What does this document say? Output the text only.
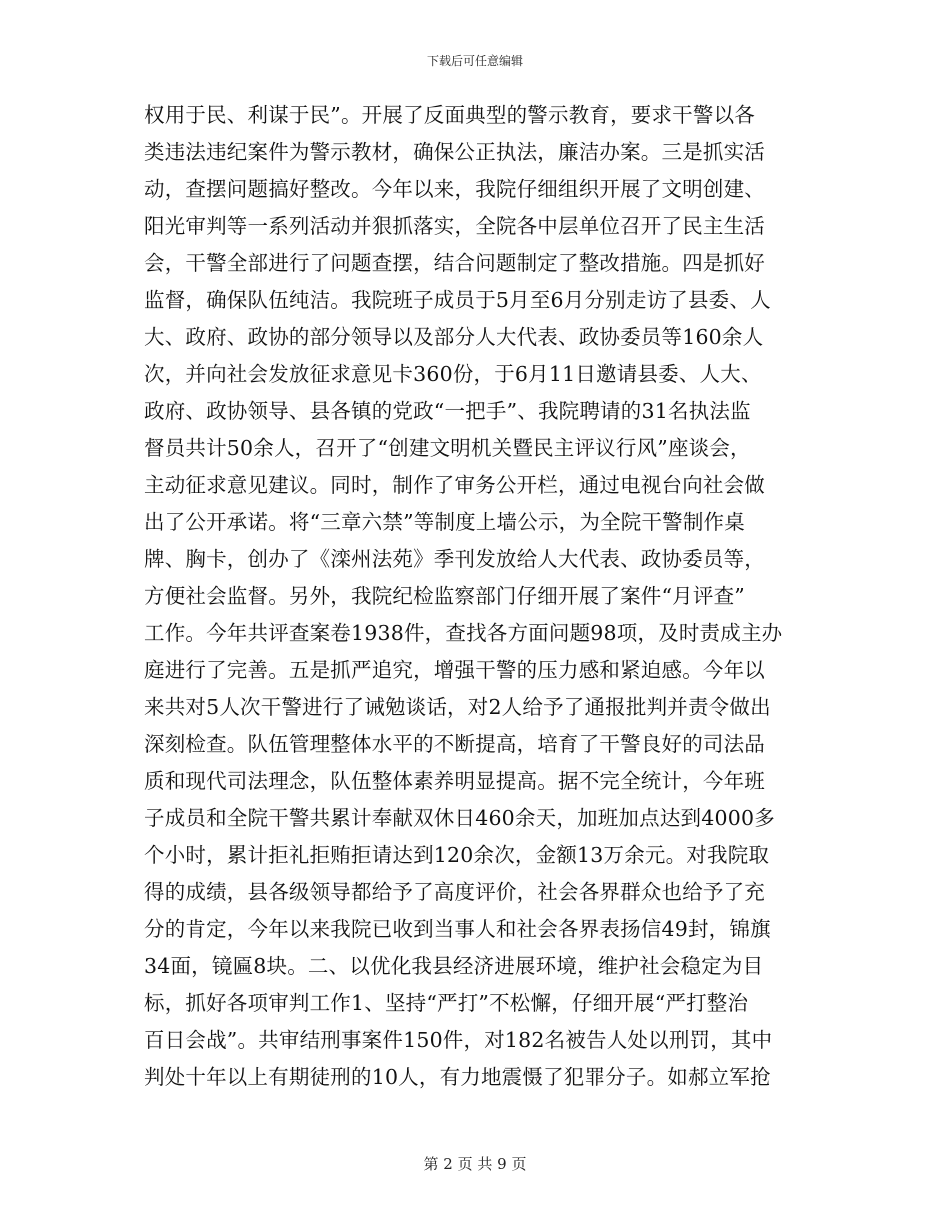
下载后可任意编辑
权用于民、利谋于民”。开展了反面典型的警示教育，要求干警以各
类违法违纪案件为警示教材，确保公正执法，廉洁办案。三是抓实活
动，查摆问题搞好整改。今年以来，我院仔细组织开展了文明创建、
阳光审判等一系列活动并狠抓落实，全院各中层单位召开了民主生活
会，干警全部进行了问题查摆，结合问题制定了整改措施。四是抓好
监督，确保队伍纯洁。我院班子成员于5月至6月分别走访了县委、人
大、政府、政协的部分领导以及部分人大代表、政协委员等160余人
次，并向社会发放征求意见卡360份，于6月11日邀请县委、人大、
政府、政协领导、县各镇的党政“一把手”、我院聘请的31名执法监
督员共计50余人，召开了“创建文明机关暨民主评议行风”座谈会，
主动征求意见建议。同时，制作了审务公开栏，通过电视台向社会做
出了公开承诺。将“三章六禁”等制度上墙公示，为全院干警制作桌
牌、胸卡，创办了《滦州法苑》季刊发放给人大代表、政协委员等，
方便社会监督。另外，我院纪检监察部门仔细开展了案件“月评查”
工作。今年共评查案卷1938件，查找各方面问题98项，及时责成主办
庭进行了完善。五是抓严追究，增强干警的压力感和紧迫感。今年以
来共对5人次干警进行了诫勉谈话，对2人给予了通报批判并责令做出
深刻检查。队伍管理整体水平的不断提高，培育了干警良好的司法品
质和现代司法理念，队伍整体素养明显提高。据不完全统计，今年班
子成员和全院干警共累计奉献双休日460余天，加班加点达到4000多
个小时，累计拒礼拒贿拒请达到120余次，金额13万余元。对我院取
得的成绩，县各级领导都给予了高度评价，社会各界群众也给予了充
分的肯定，今年以来我院已收到当事人和社会各界表扬信49封，锦旗
34面，镜匾8块。二、以优化我县经济进展环境，维护社会稳定为目
标，抓好各项审判工作1、坚持“严打”不松懈，仔细开展“严打整治
百日会战”。共审结刑事案件150件，对182名被告人处以刑罚，其中
判处十年以上有期徒刑的10人，有力地震慑了犯罪分子。如郝立军抢
第 2 页 共 9 页
